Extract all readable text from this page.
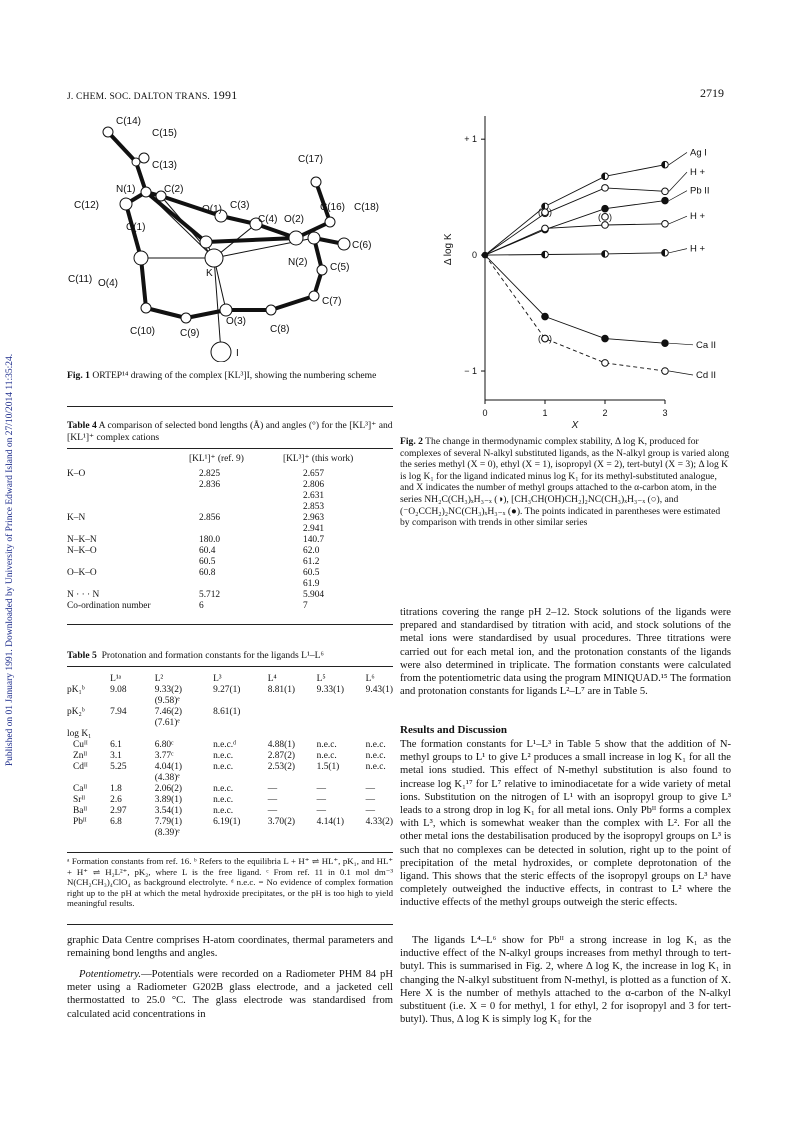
J. CHEM. SOC. DALTON TRANS. 1991	2719
Published on 01 January 1991. Downloaded by University of Prince Edward Island on 27/10/2014 11:35:24.
C(14)
C(15)
C(13)
C(17)
N(1)	C(2)
C(12)	O(1) C(3)
C(4) O(2)
C(16) C(18)
C(1)
C(6)
N(2) C(5)
K
C(11) O(4)
C(7)
O(3)
C(10) C(9)	C(8)
I
Fig. 1 ORTEP¹⁴ drawing of the complex [KL³]I, showing the numbering scheme
Table 4 A comparison of selected bond lengths (Å) and angles (°) for the [KL³]⁺ and [KL¹]⁺ complex cations
	[KL¹]⁺ (ref. 9)	[KL³]⁺ (this work)

K–O	2.825	2.657
	2.836	2.806
		2.631
		2.853
K–N	2.856	2.963
		2.941
N–K–N	180.0	140.7
N–K–O	60.4	62.0
	60.5	61.2
O–K–O	60.8	60.5
		61.9
N · · · N	5.712	5.904
Co-ordination number	6	7
Table 5 Protonation and formation constants for the ligands L¹–L⁶
	L¹ᵃ	L²	L³	L⁴	L⁵	L⁶
pK₁ᵇ	9.08	9.33(2)	9.27(1)	8.81(1)	9.33(1)	9.43(1)
		(9.58)ᵉ				
pK₂ᵇ	7.94	7.46(2)	8.61(1)			
		(7.61)ᵉ				
log K₁						
Cuᴵᴵ	6.1	6.80ᶜ	n.e.c.ᵈ	4.88(1)	n.e.c.	n.e.c.
Znᴵᴵ	3.1	3.77ᶜ	n.e.c.	2.87(2)	n.e.c.	n.e.c.
Cdᴵᴵ	5.25	4.04(1)	n.e.c.	2.53(2)	1.5(1)	n.e.c.
		(4.38)ᵉ				
Caᴵᴵ	1.8	2.06(2)	n.e.c.	—	—	—
Srᴵᴵ	2.6	3.89(1)	n.e.c.	—	—	—
Baᴵᴵ	2.97	3.54(1)	n.e.c.	—	—	—
Pbᴵᴵ	6.8	7.79(1)	6.19(1)	3.70(2)	4.14(1)	4.33(2)
		(8.39)ᵉ				
ᵃ Formation constants from ref. 16. ᵇ Refers to the equilibria L + H⁺ ⇌ HL⁺, pK₁, and HL⁺ + H⁺ ⇌ H₂L²⁺, pK₂, where L is the free ligand. ᶜ From ref. 11 in 0.1 mol dm⁻³ N(CH₂CH₃)₄ClO₄ as background electrolyte. ᵈ n.e.c. = No evidence of complex formation right up to the pH at which the metal hydroxide precipitates, or the pH is too high to yield meaningful results.
graphic Data Centre comprises H-atom coordinates, thermal parameters and remaining bond lengths and angles.
Potentiometry.—Potentials were recorded on a Radiometer PHM 84 pH meter using a Radiometer G202B glass electrode, and a jacketed cell thermostatted to 25.0 °C. The glass electrode was standardised from calculated acid concentrations in
+ 1
0
− 1
0	1	2	3
X
Δ log K
Ag I
H +
Pb II
H +
H +
Ca II
Cd II
( )
( )
( )
Fig. 2 The change in thermodynamic complex stability, Δ log K, produced for complexes of several N-alkyl substituted ligands, as the N-alkyl group is varied along the series methyl (X = 0), ethyl (X = 1), isopropyl (X = 2), tert-butyl (X = 3); Δ log K is log K₁ for the ligand indicated minus log K₁ for its methyl-substituted analogue, and X indicates the number of methyl groups attached to the α-carbon atom, in the series NH₂C(CH₃)ₓH₃₋ₓ (◑), [CH₃CH(OH)CH₂]₂NC(CH₃)ₓH₃₋ₓ (○), and (⁻O₂CCH₂)₂NC(CH₃)ₓH₃₋ₓ (●). The points indicated in parentheses were estimated by comparison with trends in other similar series
titrations covering the range pH 2–12. Stock solutions of the ligands were prepared and standardised by titration with acid, and stock solutions of the metal ions were standardised by usual procedures. Three titrations were carried out for each metal ion, and the protonation constants of the ligands were also determined in triplicate. The formation constants were calculated from the potentiometric data using the program MINIQUAD.¹⁵ The formation and protonation constants for ligands L²–L⁷ are in Table 5.
Results and Discussion
The formation constants for L¹–L³ in Table 5 show that the addition of N-methyl groups to L¹ to give L² produces a small increase in log K₁ for all the metal ions studied. This effect of N-methyl substitution is also found to increase log K₁¹⁷ for L⁷ relative to iminodiacetate for a wide variety of metal ions. Substitution on the nitrogen of L¹ with an isopropyl group to give L³ leads to a strong drop in log K₁ for all metal ions. Only Pbᴵᴵ forms a complex with L³, which is somewhat weaker than the complex with L². For all the other metal ions the destabilisation produced by the isopropyl groups on L³ is such that no complexes can be detected in solution, right up to the point of precipitation of the metal hydroxides, or complete deprotonation of the ligand. This shows that the steric effects of the isopropyl groups on L³ have completely outweighed the inductive effects, in contrast to L² where the inductive effects of the methyl groups outweigh the steric effects.
The ligands L⁴–L⁶ show for Pbᴵᴵ a strong increase in log K₁ as the inductive effect of the N-alkyl groups increases from methyl through to tert-butyl. This is summarised in Fig. 2, where Δ log K, the increase in log K₁ in changing the N-alkyl substituent from N-methyl, is plotted as a function of X. Here X is the number of methyls attached to the α-carbon of the N-alkyl substituent (i.e. X = 0 for methyl, 1 for ethyl, 2 for isopropyl and 3 for tert-butyl). Thus, Δ log K is simply log K₁ for the
